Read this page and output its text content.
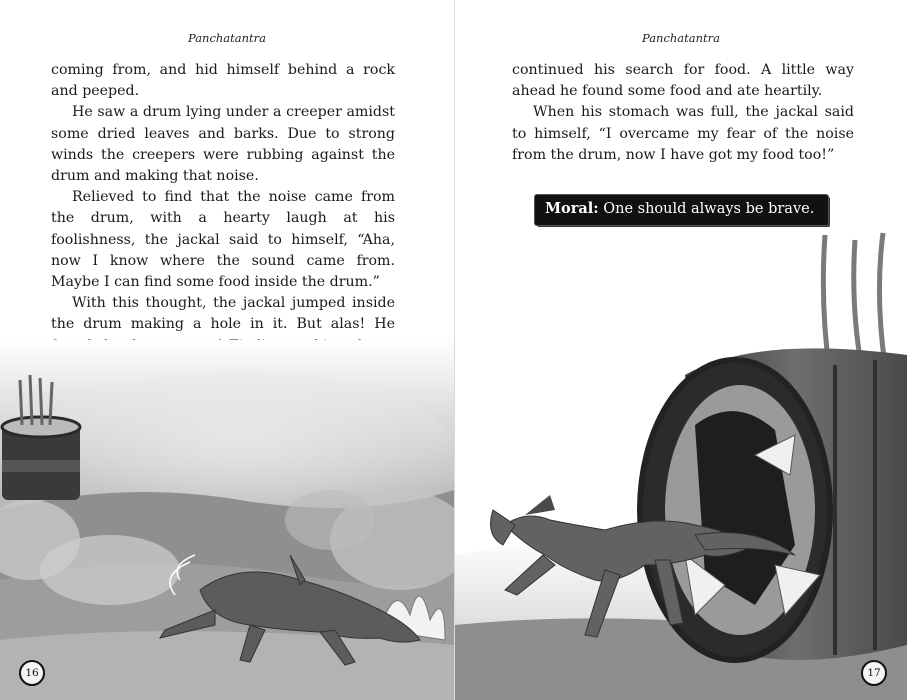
Panchatantra

coming from, and hid himself behind a rock and peeped.

He saw a drum lying under a creeper amidst some dried leaves and barks. Due to strong winds the creepers were rubbing against the drum and making that noise.

Relieved to find that the noise came from the drum, with a hearty laugh at his foolishness, the jackal said to himself, “Aha, now I know where the sound came from. Maybe I can find some food inside the drum.”

With this thought, the jackal jumped inside the drum making a hole in it. But alas! He

16
Panchatantra

continued his search for food. A little way ahead he found some food and ate heartily.

When his stomach was full, the jackal said to himself, “I overcame my fear of the noise from the drum, now I have got my food too!”

Moral: One should always be brave.
17
